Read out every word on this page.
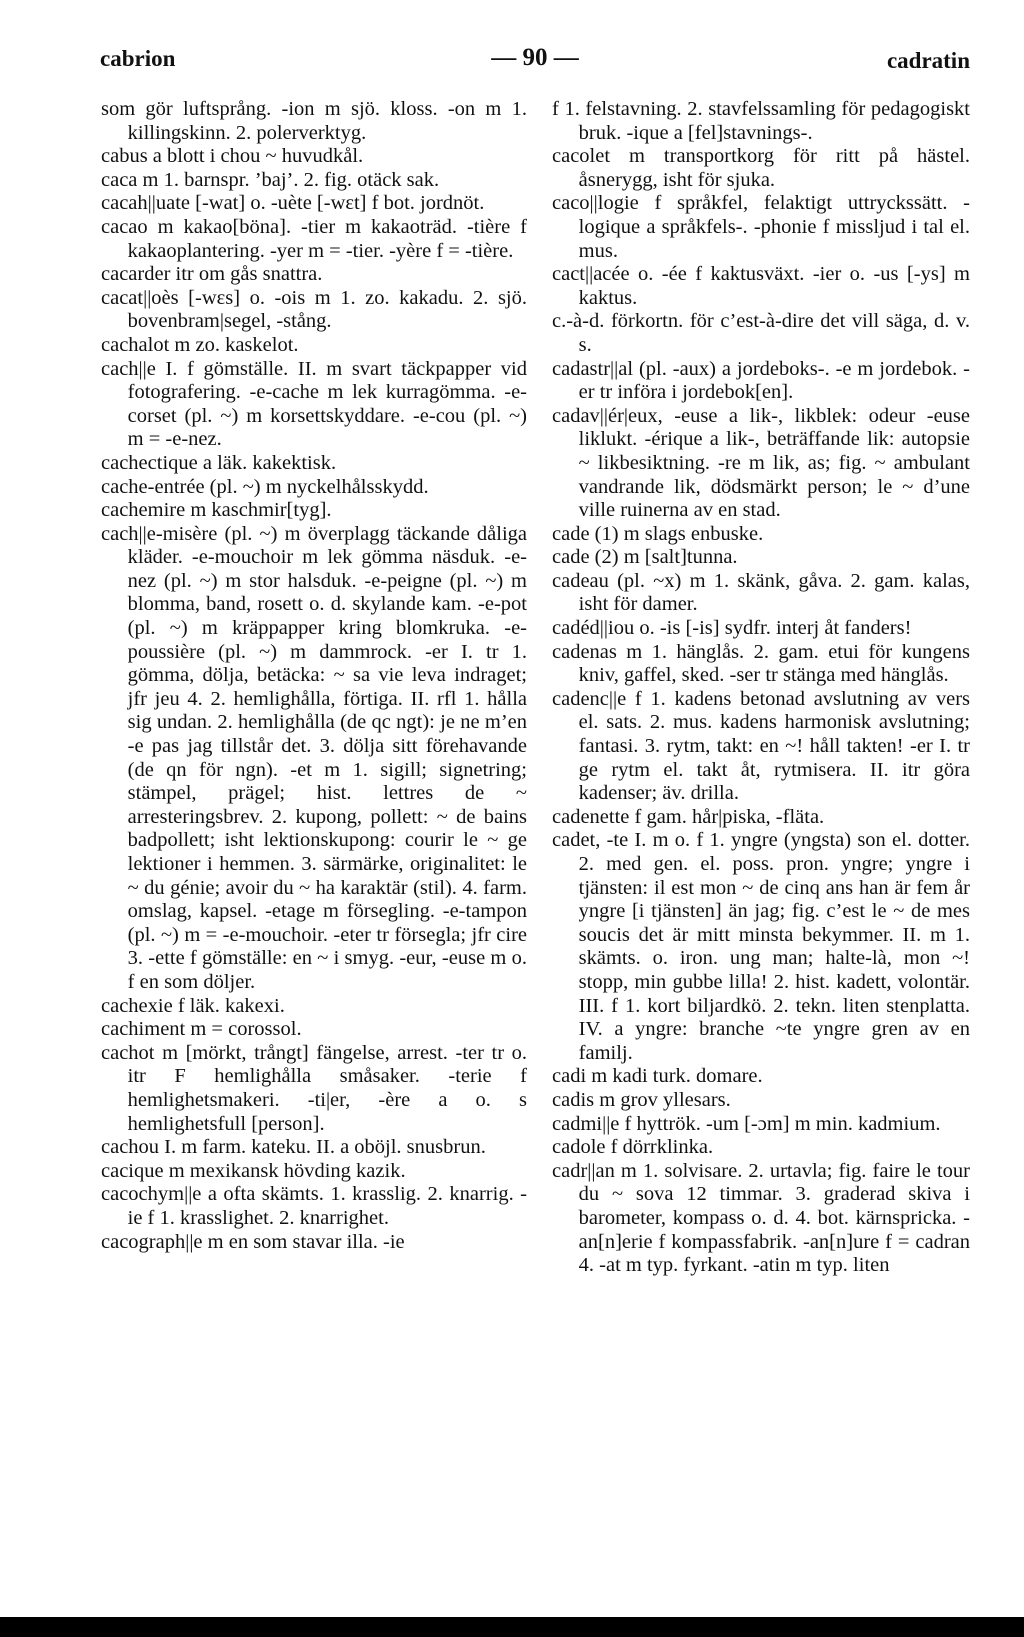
cabrion	— 90 —	cadratin

som gör luftsprång. -ion m sjö. kloss. -on m 1. killingskinn. 2. polerverktyg.

cabus a blott i chou ~ huvudkål.

caca m 1. barnspr. ’baj’. 2. fig. otäck sak.

cacah||uate [-wat] o. -uète [-wɛt] f bot. jordnöt.

cacao m kakao[böna]. -tier m kakaoträd. -tière f kakaoplantering. -yer m = -tier. -yère f = -tière.

cacarder itr om gås snattra.

cacat||oès [-wɛs] o. -ois m 1. zo. kakadu. 2. sjö. bovenbram|segel, -stång.

cachalot m zo. kaskelot.

cach||e I. f gömställe. II. m svart täckpapper vid fotografering. -e-cache m lek kurragömma. -e-corset (pl. ~) m korsettskyddare. -e-cou (pl. ~) m = -e-nez.

cachectique a läk. kakektisk.

cache-entrée (pl. ~) m nyckelhålsskydd.

cachemire m kaschmir[tyg].

cach||e-misère (pl. ~) m överplagg täckande dåliga kläder. -e-mouchoir m lek gömma näsduk. -e-nez (pl. ~) m stor halsduk. -e-peigne (pl. ~) m blomma, band, rosett o. d. skylande kam. -e-pot (pl. ~) m kräppapper kring blomkruka. -e-poussière (pl. ~) m dammrock. -er I. tr 1. gömma, dölja, betäcka: ~ sa vie leva indraget; jfr jeu 4. 2. hemlighålla, förtiga. II. rfl 1. hålla sig undan. 2. hemlighålla (de qc ngt): je ne m’en -e pas jag tillstår det. 3. dölja sitt förehavande (de qn för ngn). -et m 1. sigill; signetring; stämpel, prägel; hist. lettres de ~ arresteringsbrev. 2. kupong, pollett: ~ de bains badpollett; isht lektionskupong: courir le ~ ge lektioner i hemmen. 3. särmärke, originalitet: le ~ du génie; avoir du ~ ha karaktär (stil). 4. farm. omslag, kapsel. -etage m försegling. -e-tampon (pl. ~) m = -e-mouchoir. -eter tr försegla; jfr cire 3. -ette f gömställe: en ~ i smyg. -eur, -euse m o. f en som döljer.

cachexie f läk. kakexi.

cachiment m = corossol.

cachot m [mörkt, trångt] fängelse, arrest. -ter tr o. itr F hemlighålla småsaker. -terie f hemlighetsmakeri. -ti|er, -ère a o. s hemlighetsfull [person].

cachou I. m farm. kateku. II. a oböjl. snusbrun.

cacique m mexikansk hövding kazik.

cacochym||e a ofta skämts. 1. krasslig. 2. knarrig. -ie f 1. krasslighet. 2. knarrighet.

cacograph||e m en som stavar illa. -ie

f 1. felstavning. 2. stavfelssamling för pedagogiskt bruk. -ique a [fel]stavnings-.

cacolet m transportkorg för ritt på hästel. åsnerygg, isht för sjuka.

caco||logie f språkfel, felaktigt uttryckssätt. -logique a språkfels-. -phonie f missljud i tal el. mus.

cact||acée o. -ée f kaktusväxt. -ier o. -us [-ys] m kaktus.

c.-à-d. förkortn. för c’est-à-dire det vill säga, d. v. s.

cadastr||al (pl. -aux) a jordeboks-. -e m jordebok. -er tr införa i jordebok[en].

cadav||ér|eux, -euse a lik-, likblek: odeur -euse liklukt. -érique a lik-, beträffande lik: autopsie ~ likbesiktning. -re m lik, as; fig. ~ ambulant vandrande lik, dödsmärkt person; le ~ d’une ville ruinerna av en stad.

cade (1) m slags enbuske.

cade (2) m [salt]tunna.

cadeau (pl. ~x) m 1. skänk, gåva. 2. gam. kalas, isht för damer.

cadéd||iou o. -is [-is] sydfr. interj åt fanders!

cadenas m 1. hänglås. 2. gam. etui för kungens kniv, gaffel, sked. -ser tr stänga med hänglås.

cadenc||e f 1. kadens betonad avslutning av vers el. sats. 2. mus. kadens harmonisk avslutning; fantasi. 3. rytm, takt: en ~! håll takten! -er I. tr ge rytm el. takt åt, rytmisera. II. itr göra kadenser; äv. drilla.

cadenette f gam. hår|piska, -fläta.

cadet, -te I. m o. f 1. yngre (yngsta) son el. dotter. 2. med gen. el. poss. pron. yngre; yngre i tjänsten: il est mon ~ de cinq ans han är fem år yngre [i tjänsten] än jag; fig. c’est le ~ de mes soucis det är mitt minsta bekymmer. II. m 1. skämts. o. iron. ung man; halte-là, mon ~! stopp, min gubbe lilla! 2. hist. kadett, volontär. III. f 1. kort biljardkö. 2. tekn. liten stenplatta. IV. a yngre: branche ~te yngre gren av en familj.

cadi m kadi turk. domare.

cadis m grov yllesars.

cadmi||e f hyttrök. -um [-ɔm] m min. kadmium.

cadole f dörrklinka.

cadr||an m 1. solvisare. 2. urtavla; fig. faire le tour du ~ sova 12 timmar. 3. graderad skiva i barometer, kompass o. d. 4. bot. kärnspricka. -an[n]erie f kompassfabrik. -an[n]ure f = cadran 4. -at m typ. fyrkant. -atin m typ. liten
